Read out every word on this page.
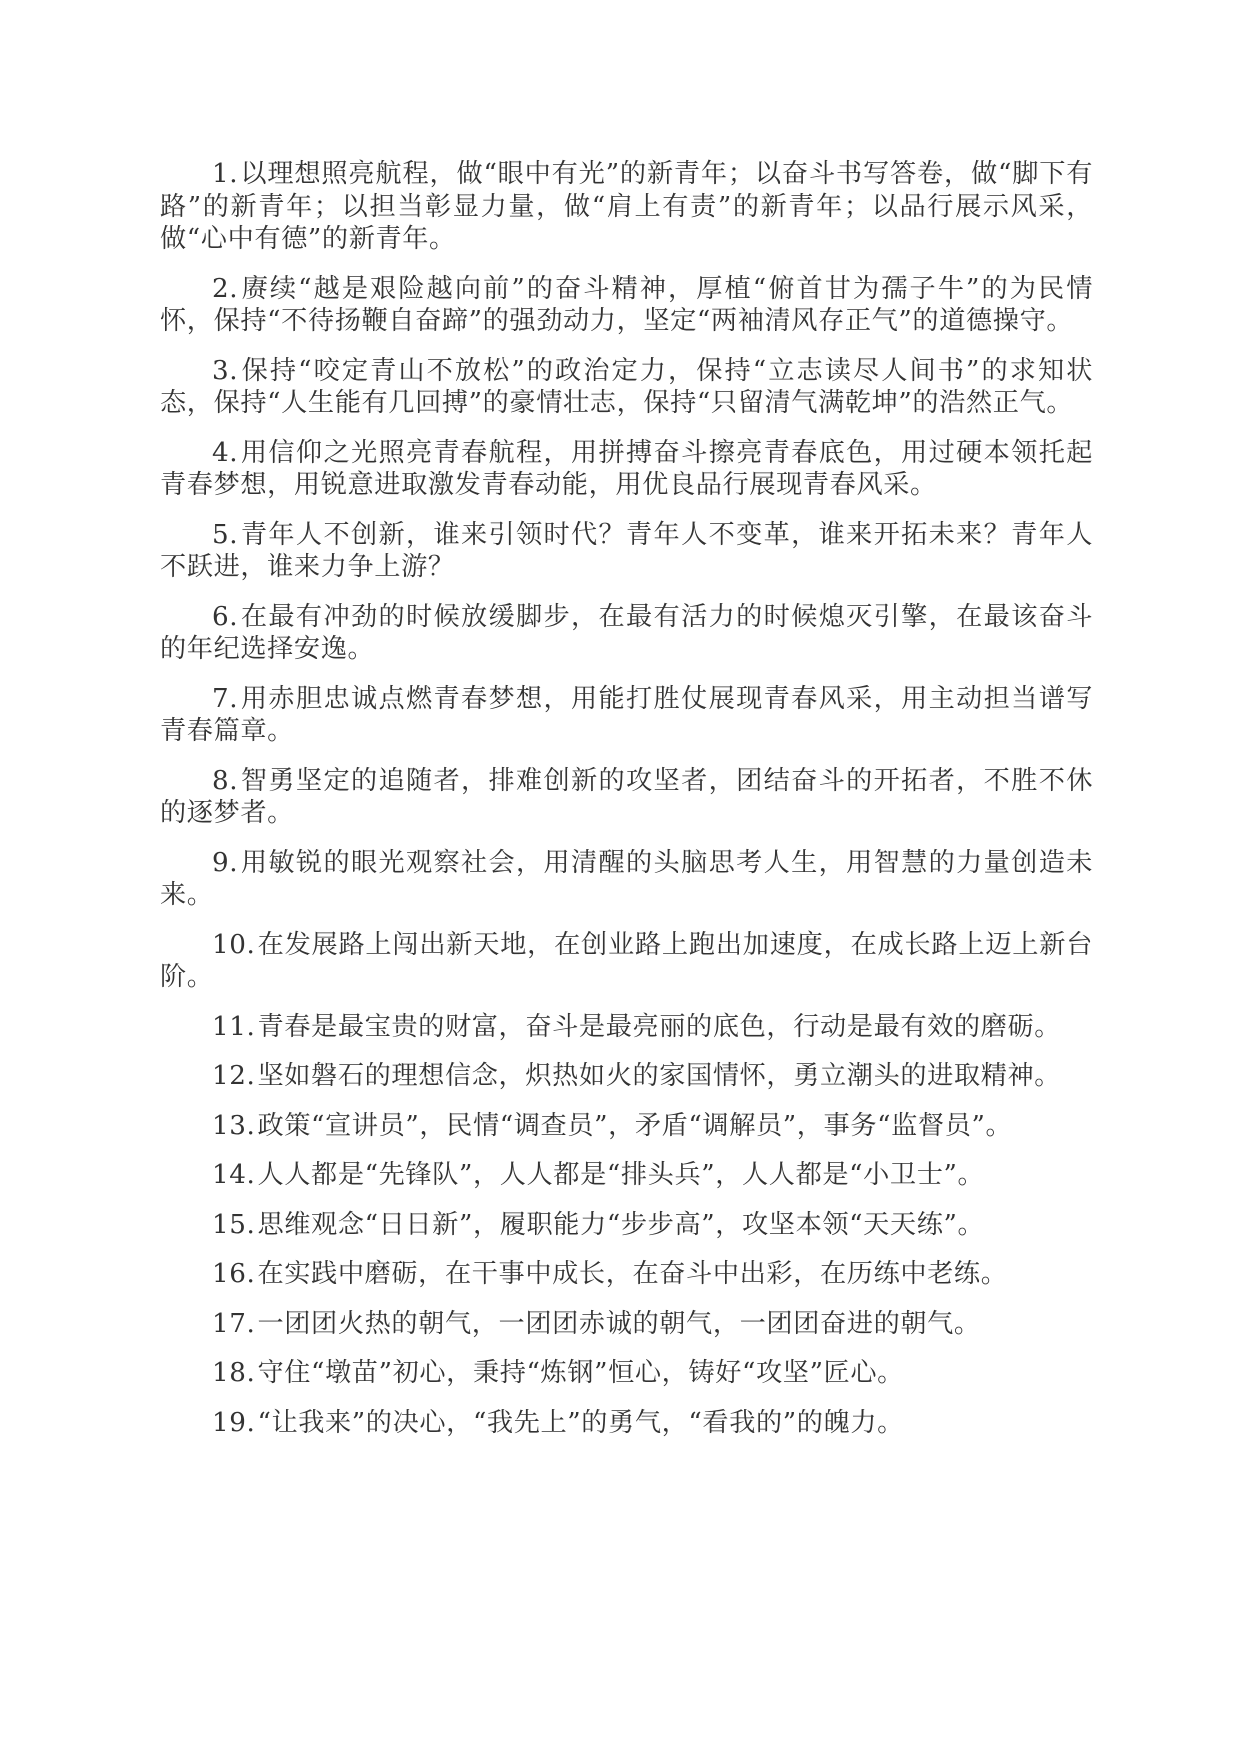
1.以理想照亮航程，做“眼中有光”的新青年；以奋斗书写答卷，做“脚下有路”的新青年；以担当彰显力量，做“肩上有责”的新青年；以品行展示风采，做“心中有德”的新青年。

2.赓续“越是艰险越向前”的奋斗精神，厚植“俯首甘为孺子牛”的为民情怀，保持“不待扬鞭自奋蹄”的强劲动力，坚定“两袖清风存正气”的道德操守。

3.保持“咬定青山不放松”的政治定力，保持“立志读尽人间书”的求知状态，保持“人生能有几回搏”的豪情壮志，保持“只留清气满乾坤”的浩然正气。

4.用信仰之光照亮青春航程，用拼搏奋斗擦亮青春底色，用过硬本领托起青春梦想，用锐意进取激发青春动能，用优良品行展现青春风采。

5.青年人不创新，谁来引领时代？青年人不变革，谁来开拓未来？青年人不跃进，谁来力争上游？

6.在最有冲劲的时候放缓脚步，在最有活力的时候熄灭引擎，在最该奋斗的年纪选择安逸。

7.用赤胆忠诚点燃青春梦想，用能打胜仗展现青春风采，用主动担当谱写青春篇章。

8.智勇坚定的追随者，排难创新的攻坚者，团结奋斗的开拓者，不胜不休的逐梦者。

9.用敏锐的眼光观察社会，用清醒的头脑思考人生，用智慧的力量创造未来。

10.在发展路上闯出新天地，在创业路上跑出加速度，在成长路上迈上新台阶。

11.青春是最宝贵的财富，奋斗是最亮丽的底色，行动是最有效的磨砺。

12.坚如磐石的理想信念，炽热如火的家国情怀，勇立潮头的进取精神。

13.政策“宣讲员”，民情“调查员”，矛盾“调解员”，事务“监督员”。

14.人人都是“先锋队”，人人都是“排头兵”，人人都是“小卫士”。

15.思维观念“日日新”，履职能力“步步高”，攻坚本领“天天练”。

16.在实践中磨砺，在干事中成长，在奋斗中出彩，在历练中老练。

17.一团团火热的朝气，一团团赤诚的朝气，一团团奋进的朝气。

18.守住“墩苗”初心，秉持“炼钢”恒心，铸好“攻坚”匠心。

19.“让我来”的决心，“我先上”的勇气，“看我的”的魄力。
